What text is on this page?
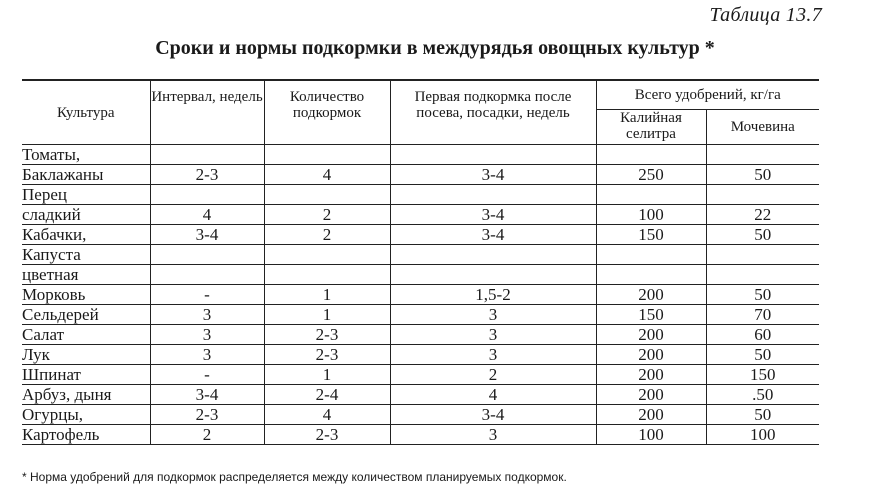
Таблица 13.7
Сроки и нормы подкормки в междурядья овощных культур *
Культура	Интервал, недель	Количество подкормок	Первая подкормка после посева, посадки, недель	Всего удобрений, кг/га	
				Калийная селитра	Мочевина
Томаты,					
Баклажаны	2-3	4	3-4	250	50
Перец					
сладкий	4	2	3-4	100	22
Кабачки,	3-4	2	3-4	150	50
Капуста					
цветная					
Морковь	-	1	1,5-2	200	50
Сельдерей	3	1	3	150	70
Салат	3	2-3	3	200	60
Лук	3	2-3	3	200	50
Шпинат	-	1	2	200	150
Арбуз, дыня	3-4	2-4	4	200	.50
Огурцы,	2-3	4	3-4	200	50
Картофель	2	2-3	3	100	100
* Норма удобрений для подкормок распределяется между количеством планируемых подкормок.
